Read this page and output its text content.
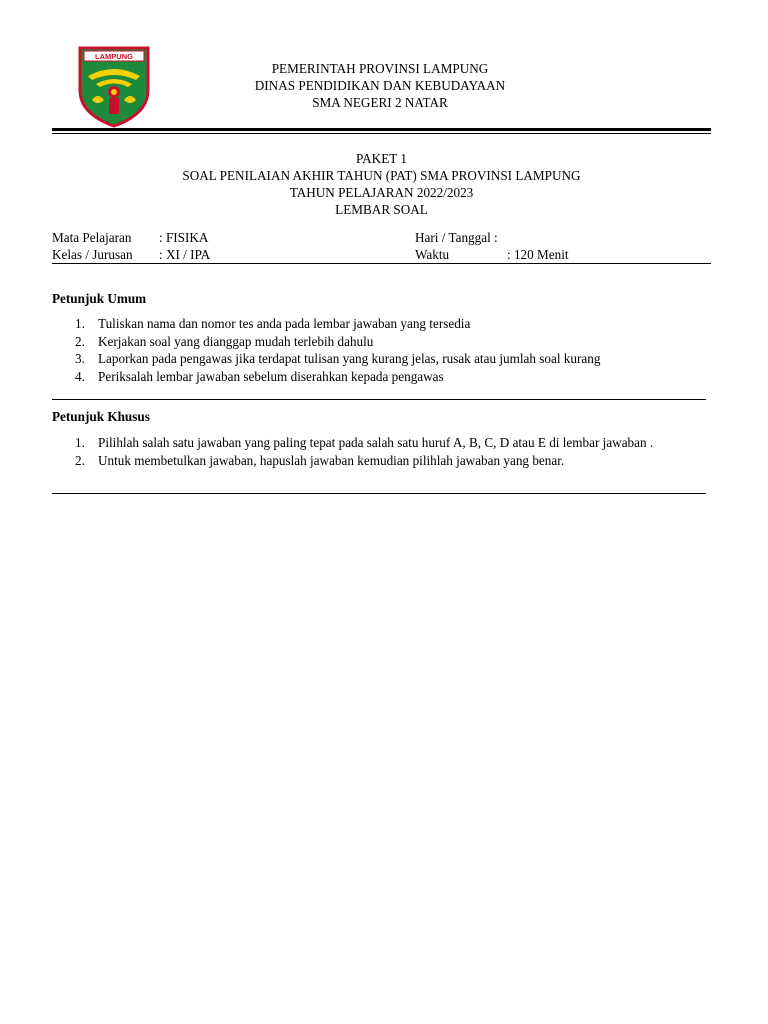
LAMPUNG
PEMERINTAH PROVINSI LAMPUNG
DINAS PENDIDIKAN DAN KEBUDAYAAN
SMA NEGERI 2 NATAR
PAKET 1
SOAL PENILAIAN AKHIR TAHUN (PAT) SMA PROVINSI LAMPUNG
TAHUN PELAJARAN 2022/2023
LEMBAR SOAL
Mata Pelajaran : FISIKA	Hari / Tanggal :
Kelas / Jurusan : XI / IPA	Waktu	: 120 Menit
Petunjuk Umum
1. Tuliskan nama dan nomor tes anda pada lembar jawaban yang tersedia
2. Kerjakan soal yang dianggap mudah terlebih dahulu
3. Laporkan pada pengawas jika terdapat tulisan yang kurang jelas, rusak atau jumlah soal kurang
4. Periksalah lembar jawaban sebelum diserahkan kepada pengawas
Petunjuk Khusus
1. Pilihlah salah satu jawaban yang paling tepat pada salah satu huruf A, B, C, D atau E di lembar jawaban .
2. Untuk membetulkan jawaban, hapuslah jawaban kemudian pilihlah jawaban yang benar.
